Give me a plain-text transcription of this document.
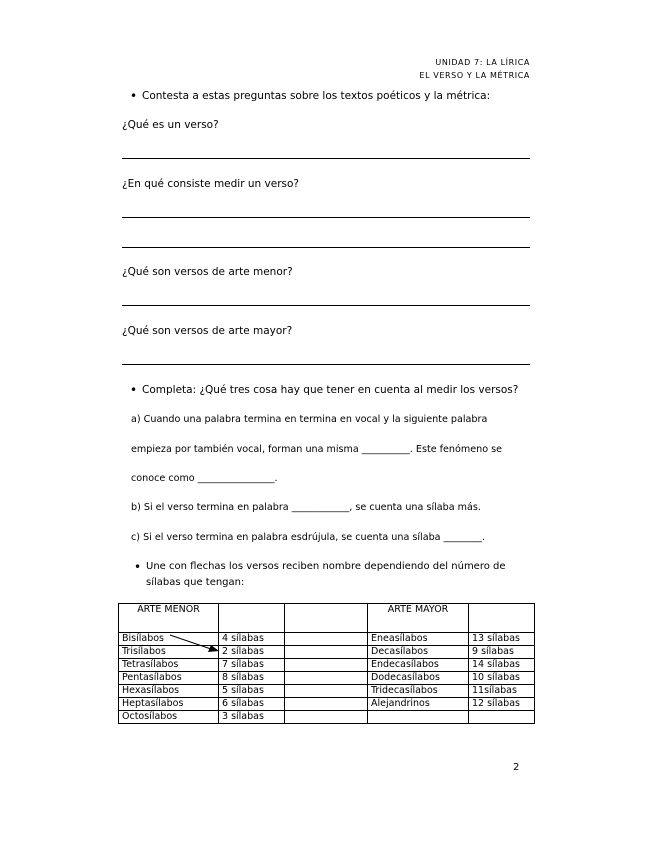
UNIDAD 7: LA LÍRICA
EL VERSO Y LA MÉTRICA
• Contesta a estas preguntas sobre los textos poéticos y la métrica:
¿Qué es un verso?
¿En qué consiste medir un verso?
¿Qué son versos de arte menor?
¿Qué son versos de arte mayor?
• Completa: ¿Qué tres cosa hay que tener en cuenta al medir los versos?
a) Cuando una palabra termina en termina en vocal y la siguiente palabra
empieza por también vocal, forman una misma __________. Este fenómeno se
conoce como ________________.
b) Si el verso termina en palabra ____________, se cuenta una sílaba más.
c) Si el verso termina en palabra esdrújula, se cuenta una sílaba ________.
• Une con flechas los versos reciben nombre dependiendo del número de
sílabas que tengan:
ARTE MENOR			ARTE MAYOR	

Bisílabos	4 sílabas		Eneasílabos	13 sílabas
Trisílabos	2 sílabas		Decasílabos	9 sílabas
Tetrasílabos	7 sílabas		Endecasílabos	14 sílabas
Pentasílabos	8 sílabas		Dodecasílabos	10 sílabas
Hexasílabos	5 sílabas		Tridecasílabos	11sílabas
Heptasílabos	6 sílabas		Alejandrinos	12 sílabas
Octosílabos	3 sílabas			
2
